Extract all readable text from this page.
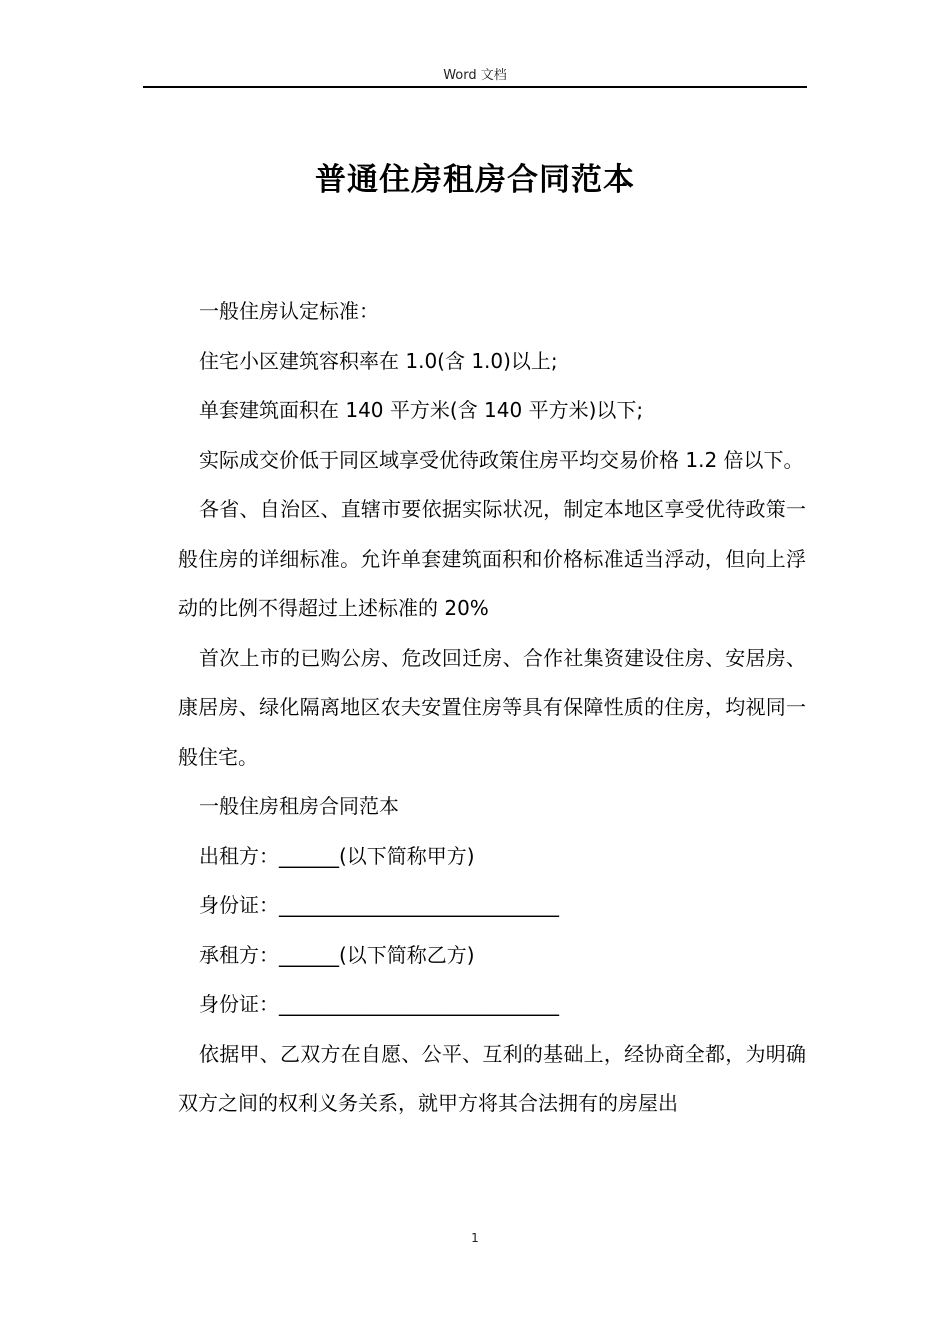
Word 文档
普通住房租房合同范本

一般住房认定标准：

住宅小区建筑容积率在 1.0(含 1.0)以上;

单套建筑面积在 140 平方米(含 140 平方米)以下;

实际成交价低于同区域享受优待政策住房平均交易价格 1.2 倍以下。

各省、自治区、直辖市要依据实际状况，制定本地区享受优待政策一般住房的详细标准。允许单套建筑面积和价格标准适当浮动，但向上浮动的比例不得超过上述标准的 20%

首次上市的已购公房、危改回迁房、合作社集资建设住房、安居房、康居房、绿化隔离地区农夫安置住房等具有保障性质的住房，均视同一般住宅。

一般住房租房合同范本

出租方：______(以下简称甲方)

身份证：____________________________

承租方：______(以下简称乙方)

身份证：____________________________

依据甲、乙双方在自愿、公平、互利的基础上，经协商全都，为明确双方之间的权利义务关系，就甲方将其合法拥有的房屋出

1
